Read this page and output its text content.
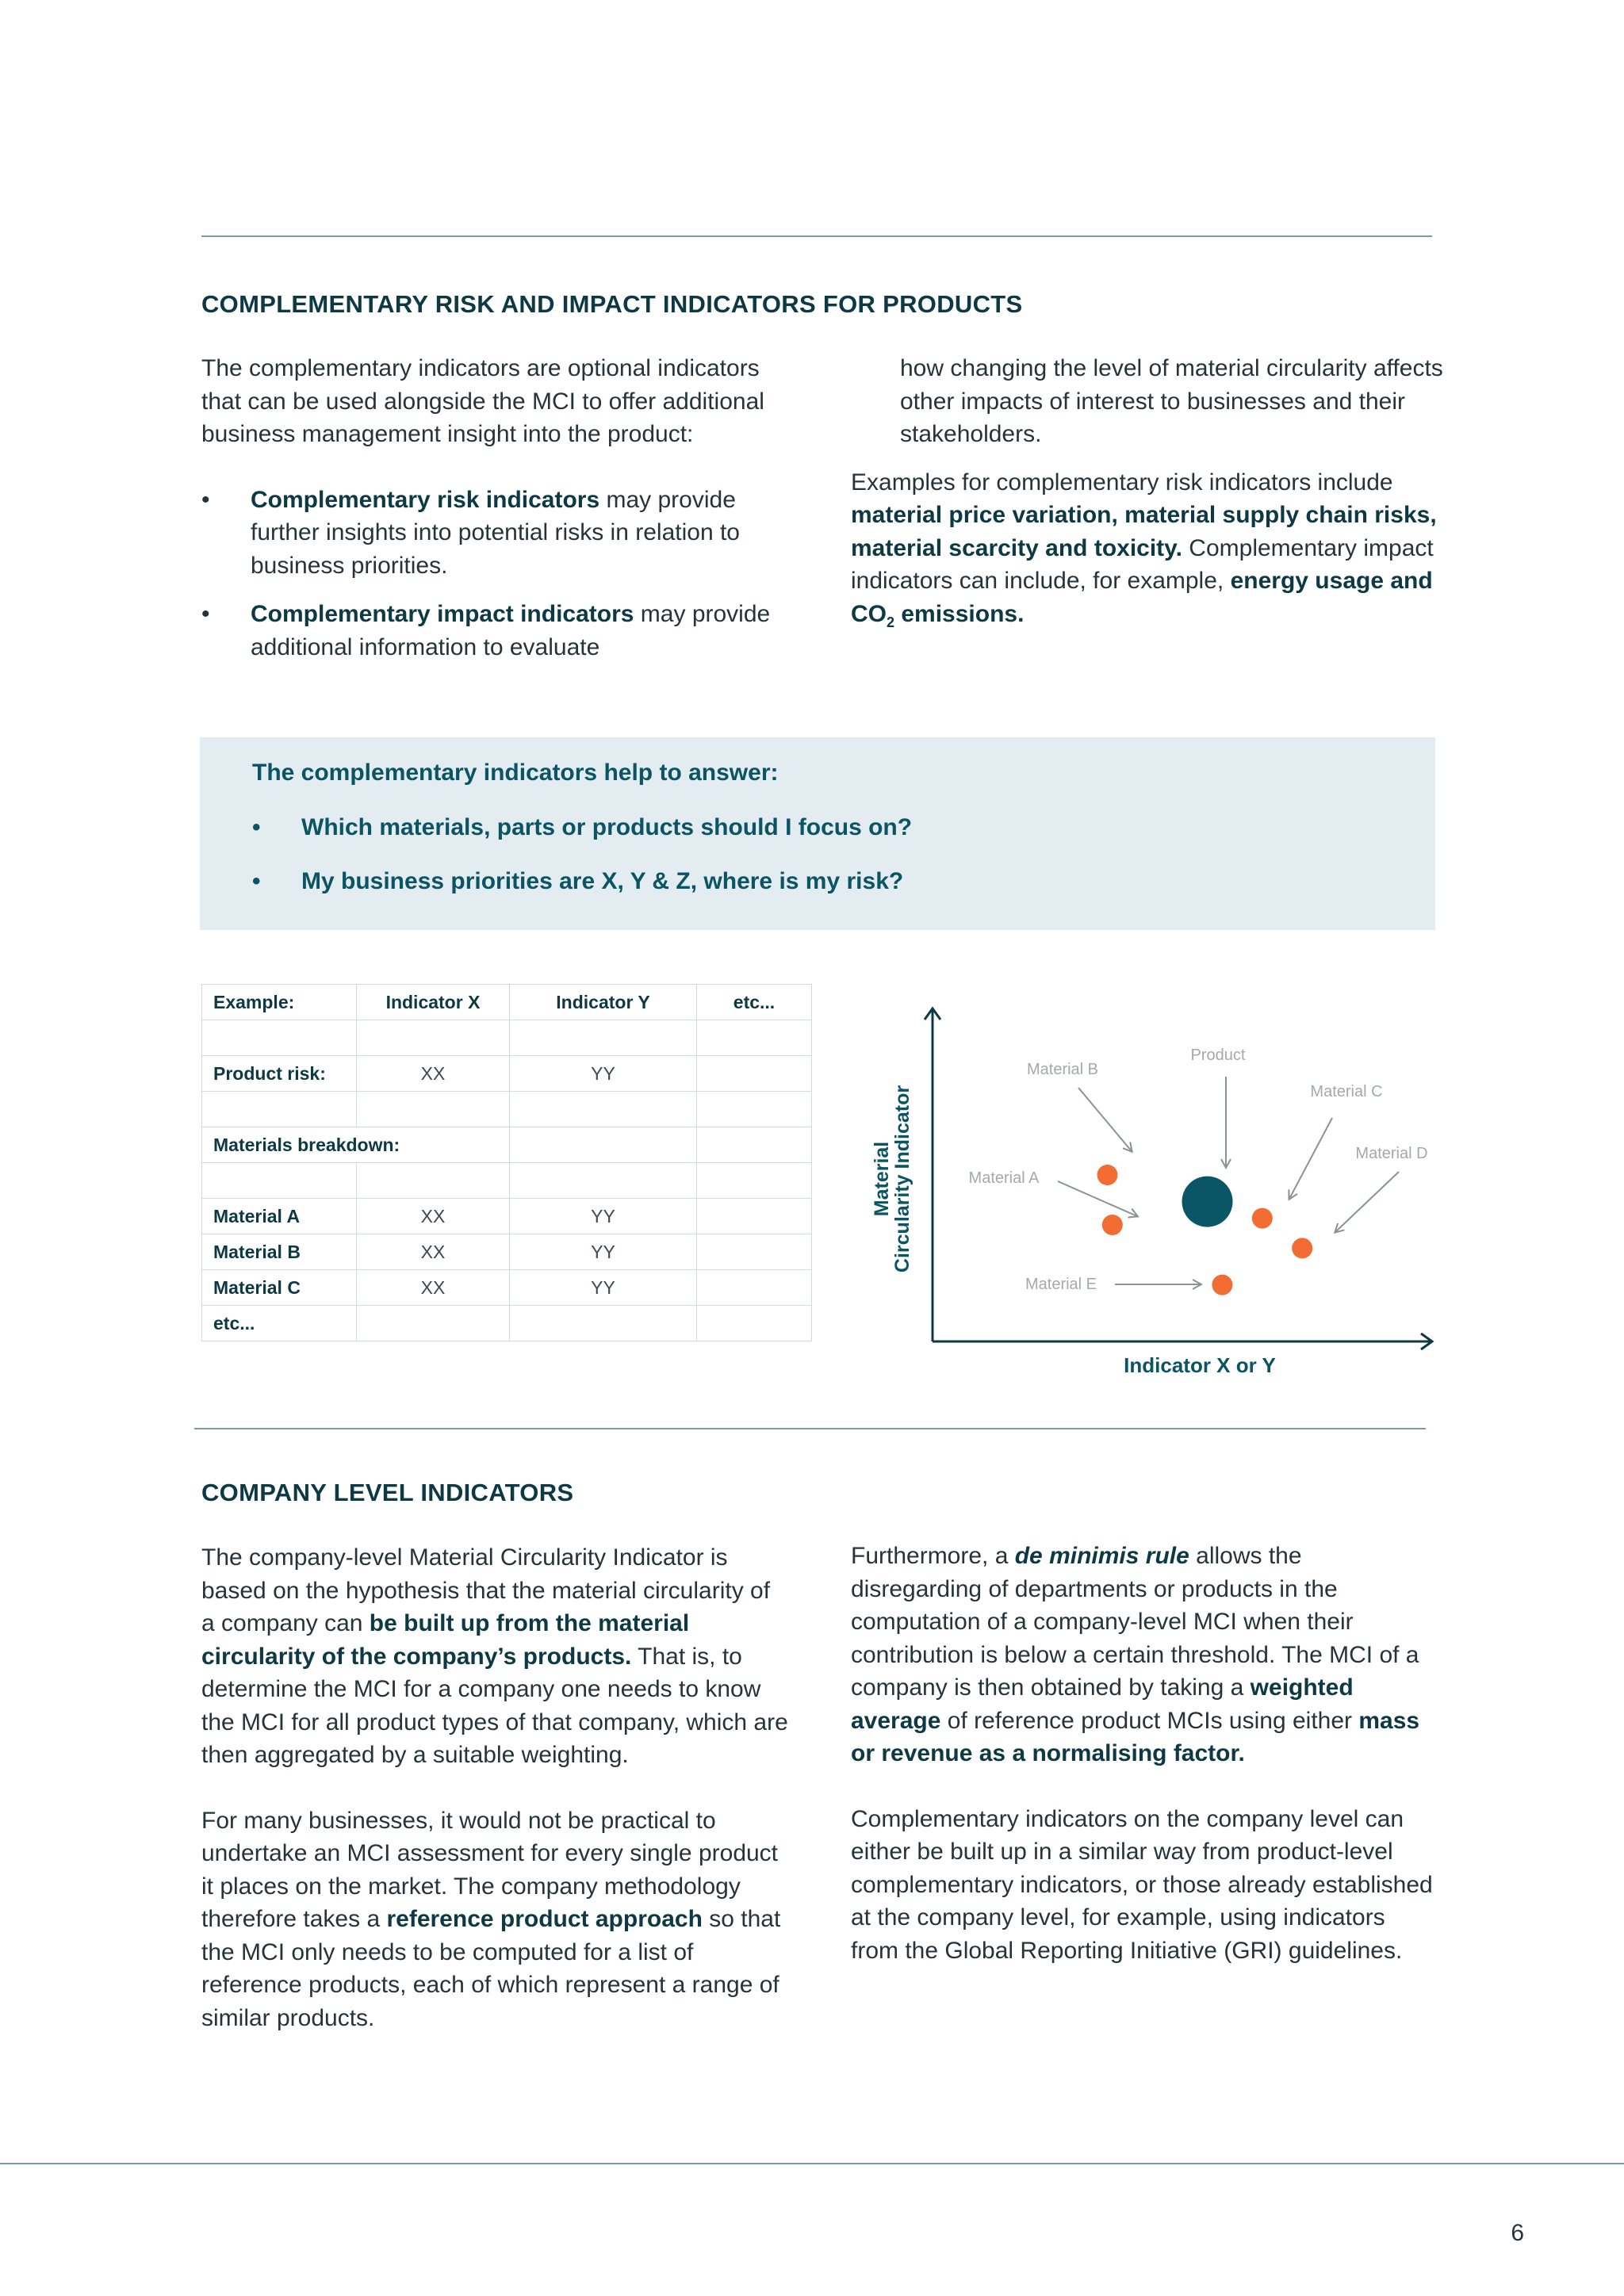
COMPLEMENTARY RISK AND IMPACT INDICATORS FOR PRODUCTS

The complementary indicators are optional indicators that can be used alongside the MCI to offer additional business management insight into the product:

• Complementary risk indicators may provide further insights into potential risks in relation to business priorities.
• Complementary impact indicators may provide additional information to evaluate

how changing the level of material circularity affects other impacts of interest to businesses and their stakeholders.

Examples for complementary risk indicators include material price variation, material supply chain risks, material scarcity and toxicity. Complementary impact indicators can include, for example, energy usage and $CO_2$ emissions.

The complementary indicators help to answer:
• Which materials, parts or products should I focus on?
• My business priorities are X, Y & Z, where is my risk?
Example:	Indicator X	Indicator Y	etc...

Product risk:	XX	YY	

Materials breakdown:			

Material A	XX	YY	
Material B	XX	YY	
Material C	XX	YY	
etc...			
Indicator X or Y
Material
Circularity Indicator
Product
Material A
Material B
Material C
Material D
Material E
COMPANY LEVEL INDICATORS

The company-level Material Circularity Indicator is based on the hypothesis that the material circularity of a company can be built up from the material circularity of the company’s products. That is, to determine the MCI for a company one needs to know the MCI for all product types of that company, which are then aggregated by a suitable weighting.

For many businesses, it would not be practical to undertake an MCI assessment for every single product it places on the market. The company methodology therefore takes a reference product approach so that the MCI only needs to be computed for a list of reference products, each of which represent a range of similar products.

Furthermore, a de minimis rule allows the disregarding of departments or products in the computation of a company-level MCI when their contribution is below a certain threshold. The MCI of a company is then obtained by taking a weighted average of reference product MCIs using either mass or revenue as a normalising factor.

Complementary indicators on the company level can either be built up in a similar way from product-level complementary indicators, or those already established at the company level, for example, using indicators from the Global Reporting Initiative (GRI) guidelines.

6
